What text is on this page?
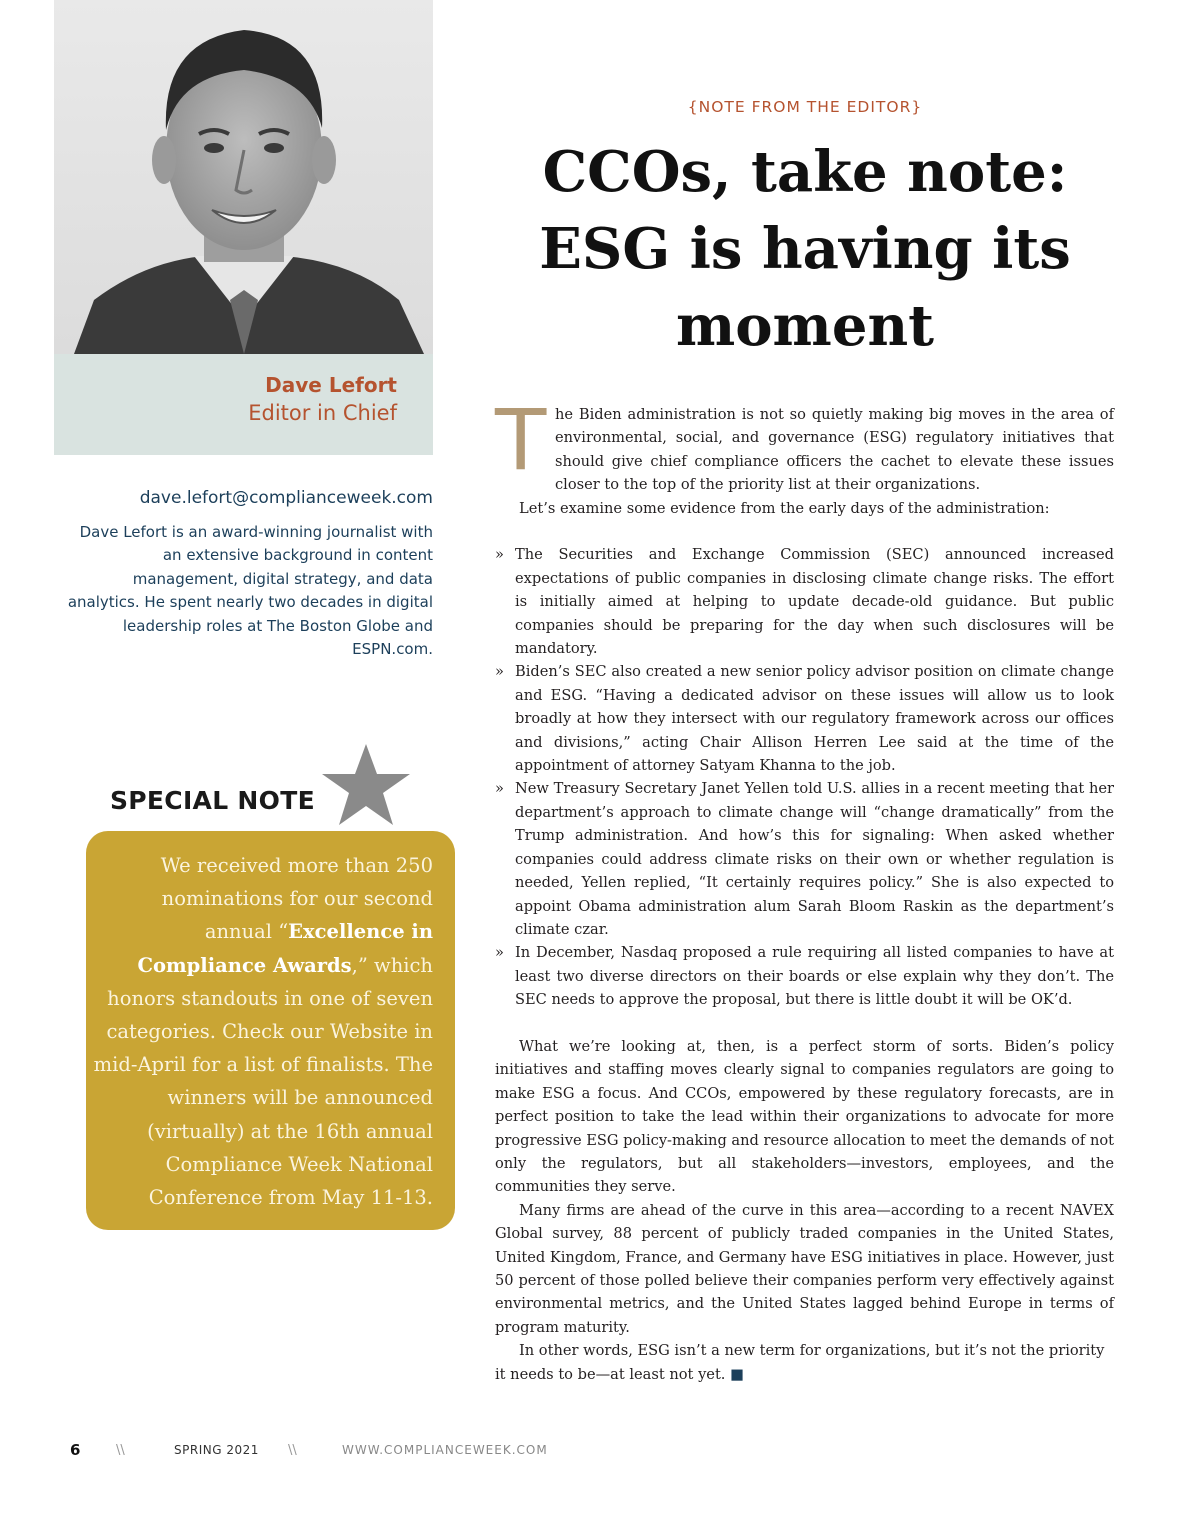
Dave Lefort
Editor in Chief
dave.lefort@complianceweek.com
Dave Lefort is an award-winning journalist with an extensive background in content management, digital strategy, and data analytics. He spent nearly two decades in digital leadership roles at The Boston Globe and ESPN.com.
SPECIAL NOTE
We received more than 250 nominations for our second annual “Excellence in Compliance Awards,” which honors standouts in one of seven categories. Check our Website in mid-April for a list of finalists. The winners will be announced (virtually) at the 16th annual Compliance Week National Conference from May 11-13.
{NOTE FROM THE EDITOR}
CCOs, take note:
ESG is having its
moment

The Biden administration is not so quietly making big moves in the area of environmental, social, and governance (ESG) regulatory initiatives that should give chief compliance officers the cachet to elevate these issues closer to the top of the priority list at their organizations.

Let’s examine some evidence from the early days of the administration:

» The Securities and Exchange Commission (SEC) announced increased expectations of public companies in disclosing climate change risks. The effort is initially aimed at helping to update decade-old guidance. But public companies should be preparing for the day when such disclosures will be mandatory.
» Biden’s SEC also created a new senior policy advisor position on climate change and ESG. “Having a dedicated advisor on these issues will allow us to look broadly at how they intersect with our regulatory framework across our offices and divisions,” acting Chair Allison Herren Lee said at the time of the appointment of attorney Satyam Khanna to the job.
» New Treasury Secretary Janet Yellen told U.S. allies in a recent meeting that her department’s approach to climate change will “change dramatically” from the Trump administration. And how’s this for signaling: When asked whether companies could address climate risks on their own or whether regulation is needed, Yellen replied, “It certainly requires policy.” She is also expected to appoint Obama administration alum Sarah Bloom Raskin as the department’s climate czar.
» In December, Nasdaq proposed a rule requiring all listed companies to have at least two diverse directors on their boards or else explain why they don’t. The SEC needs to approve the proposal, but there is little doubt it will be OK’d.

What we’re looking at, then, is a perfect storm of sorts. Biden’s policy initiatives and staffing moves clearly signal to companies regulators are going to make ESG a focus. And CCOs, empowered by these regulatory forecasts, are in perfect position to take the lead within their organizations to advocate for more progressive ESG policy-making and resource allocation to meet the demands of not only the regulators, but all stakeholders—investors, employees, and the communities they serve.

Many firms are ahead of the curve in this area—according to a recent NAVEX Global survey, 88 percent of publicly traded companies in the United States, United Kingdom, France, and Germany have ESG initiatives in place. However, just 50 percent of those polled believe their companies perform very effectively against environmental metrics, and the United States lagged behind Europe in terms of program maturity.

In other words, ESG isn’t a new term for organizations, but it’s not the priority it needs to be—at least not yet. ■

6	\\	SPRING 2021 \\	WWW.COMPLIANCEWEEK.COM
